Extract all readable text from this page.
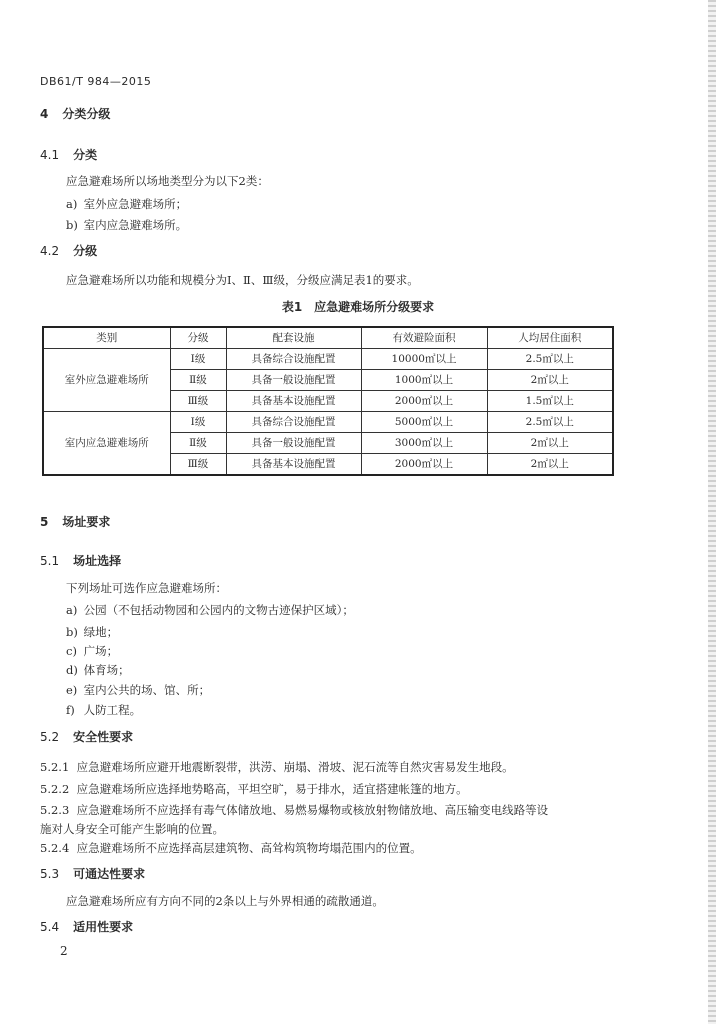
DB61/T 984—2015
4 分类分级
4.1 分类
应急避难场所以场地类型分为以下2类：
a) 室外应急避难场所；
b) 室内应急避难场所。
4.2 分级
应急避难场所以功能和规模分为Ⅰ、Ⅱ、Ⅲ级，分级应满足表1的要求。
表1　应急避难场所分级要求
类别	分级	配套设施	有效避险面积	人均居住面积
室外应急避难场所	Ⅰ级	具备综合设施配置	10000㎡以上	2.5㎡以上
	Ⅱ级	具备一般设施配置	1000㎡以上	2㎡以上
	Ⅲ级	具备基本设施配置	2000㎡以上	1.5㎡以上
室内应急避难场所	Ⅰ级	具备综合设施配置	5000㎡以上	2.5㎡以上
	Ⅱ级	具备一般设施配置	3000㎡以上	2㎡以上
	Ⅲ级	具备基本设施配置	2000㎡以上	2㎡以上
5 场址要求
5.1 场址选择
下列场址可选作应急避难场所：
a) 公园（不包括动物园和公园内的文物古迹保护区域）；
b) 绿地；
c) 广场；
d) 体育场；
e) 室内公共的场、馆、所；
f) 人防工程。
5.2 安全性要求
5.2.1 应急避难场所应避开地震断裂带，洪涝、崩塌、滑坡、泥石流等自然灾害易发生地段。
5.2.2 应急避难场所应选择地势略高，平坦空旷，易于排水，适宜搭建帐篷的地方。
5.2.3 应急避难场所不应选择有毒气体储放地、易燃易爆物或核放射物储放地、高压输变电线路等设
施对人身安全可能产生影响的位置。
5.2.4 应急避难场所不应选择高层建筑物、高耸构筑物垮塌范围内的位置。
5.3 可通达性要求
应急避难场所应有方向不同的2条以上与外界相通的疏散通道。
5.4 适用性要求
2
